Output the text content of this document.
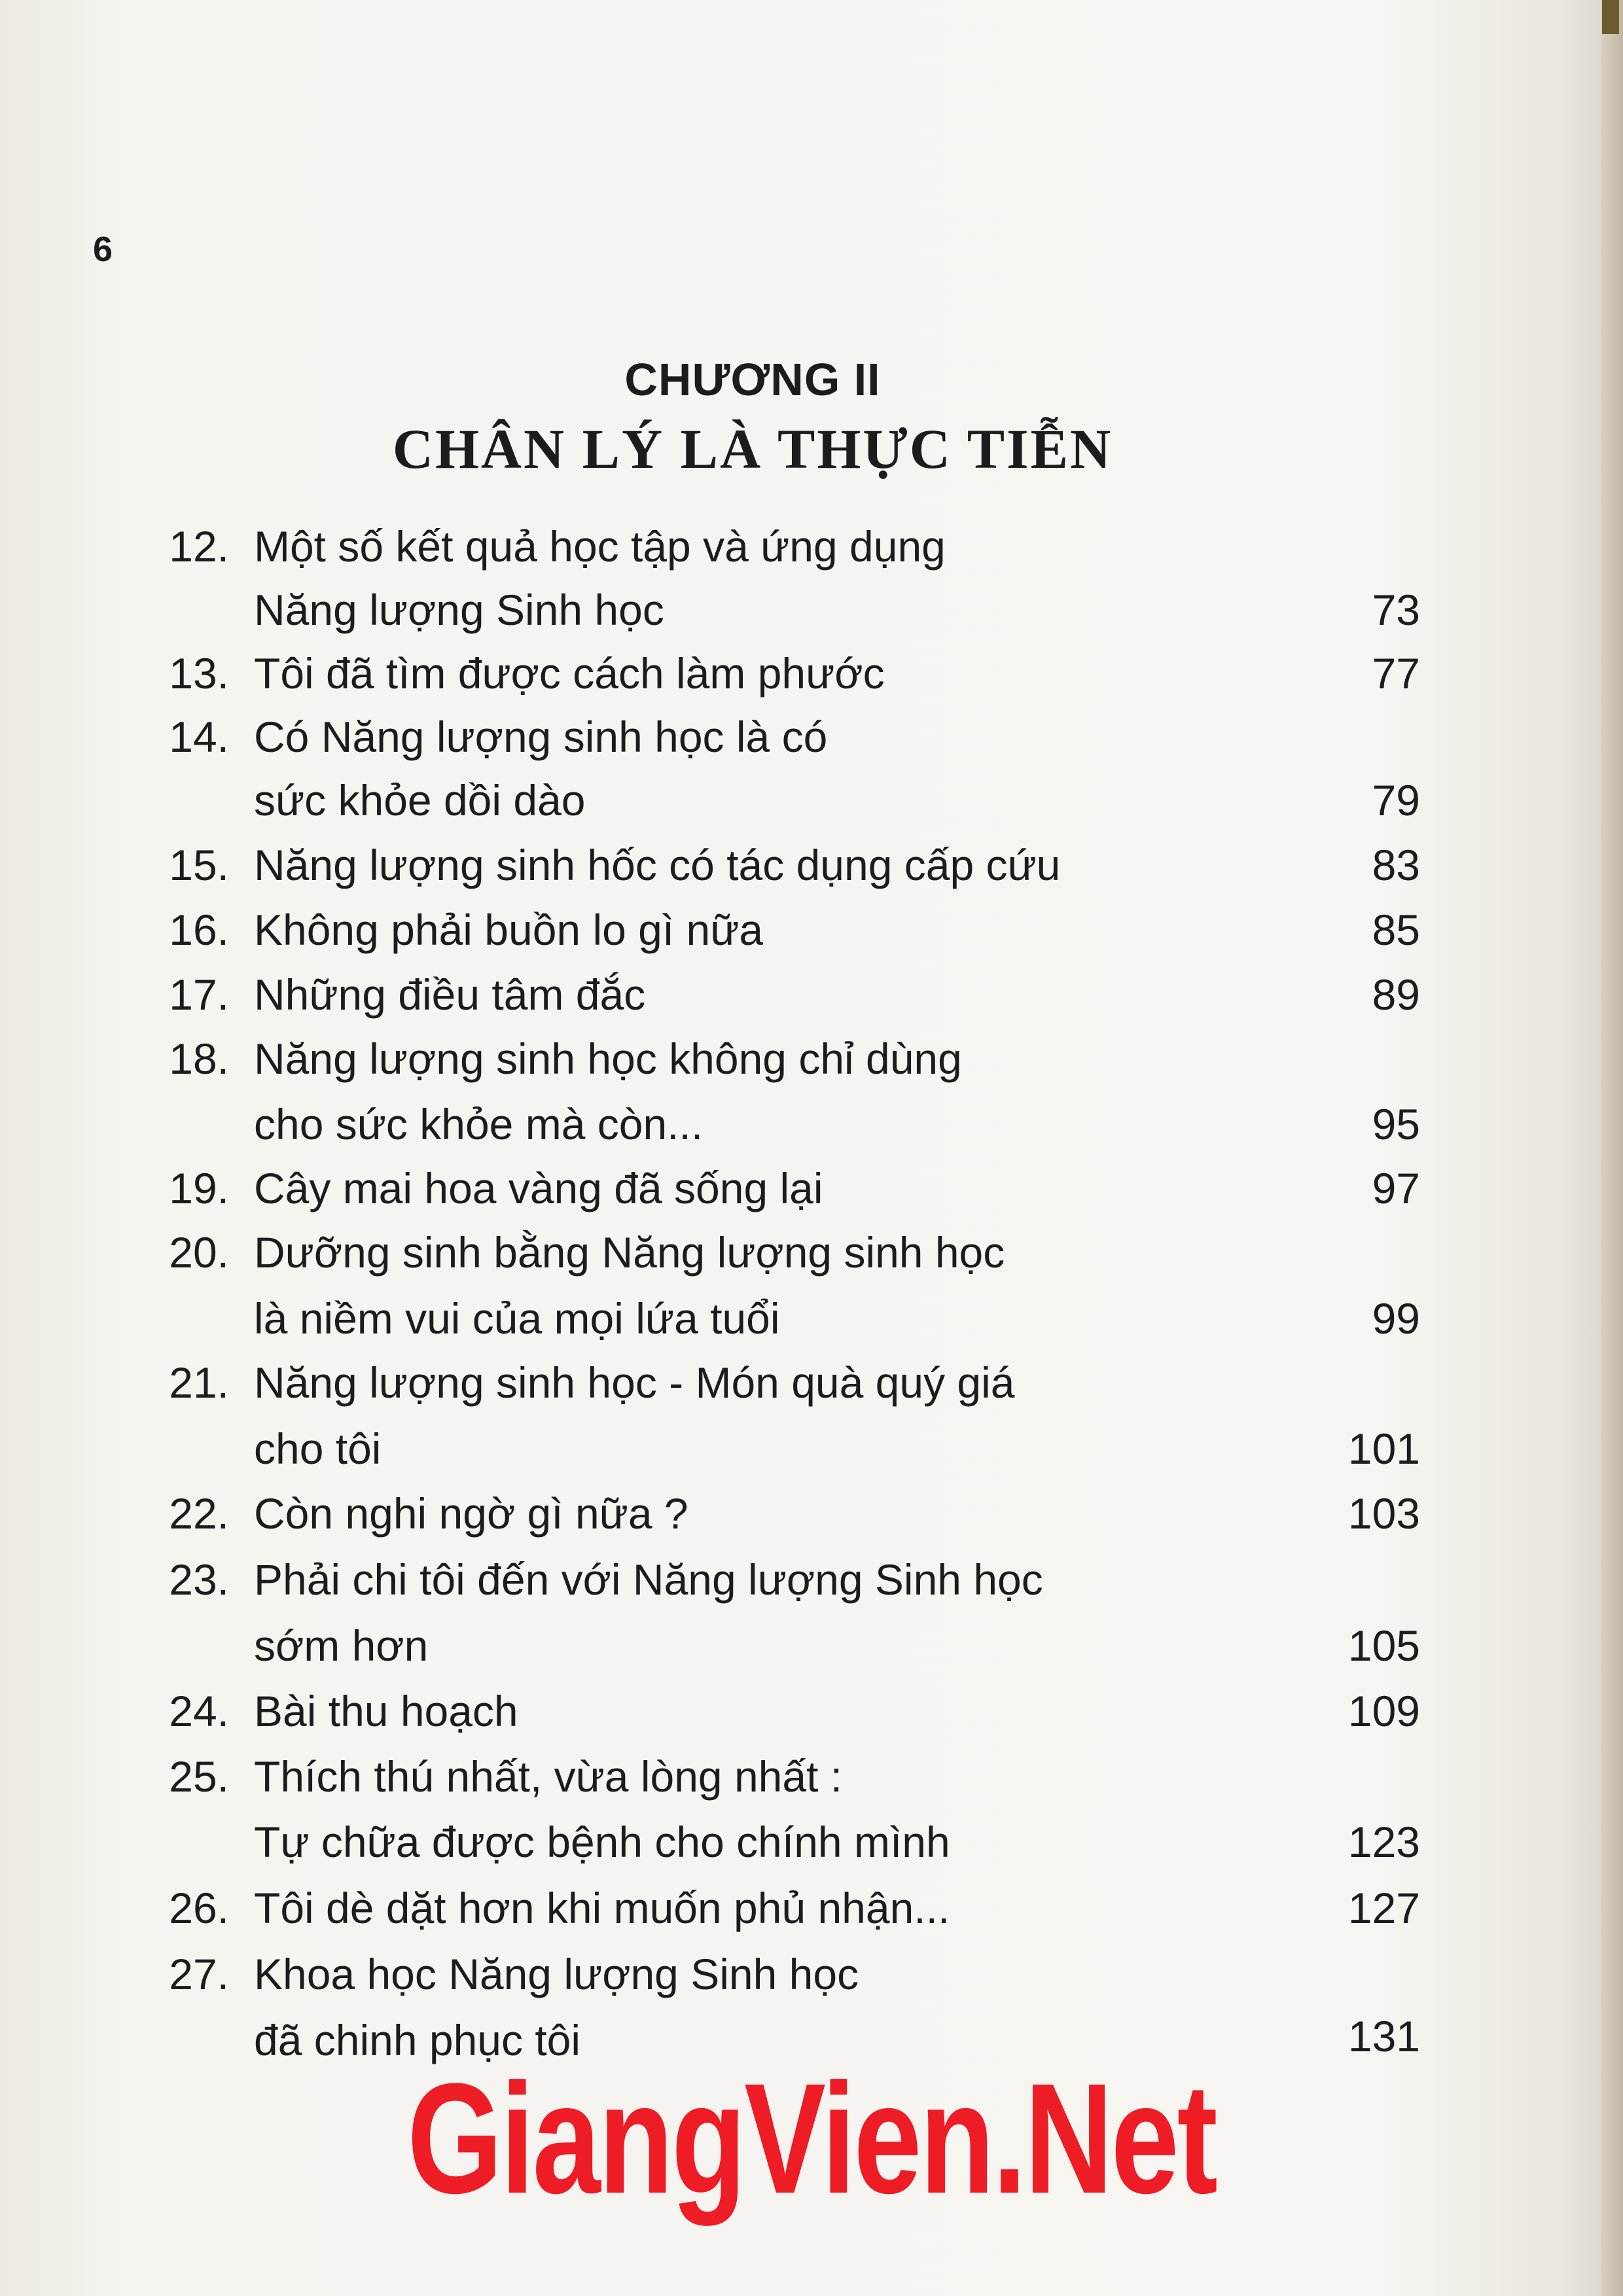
6
CHƯƠNG II
CHÂN LÝ LÀ THỰC TIỄN
12. Một số kết quả học tập và ứng dụng
Năng lượng Sinh học	73
13. Tôi đã tìm được cách làm phước	77
14. Có Năng lượng sinh học là có
sức khỏe dồi dào	79
15. Năng lượng sinh hốc có tác dụng cấp cứu	83
16. Không phải buồn lo gì nữa	85
17. Những điều tâm đắc	89
18. Năng lượng sinh học không chỉ dùng
cho sức khỏe mà còn...	95
19. Cây mai hoa vàng đã sống lại	97
20. Dưỡng sinh bằng Năng lượng sinh học
là niềm vui của mọi lứa tuổi	99
21. Năng lượng sinh học - Món quà quý giá
cho tôi	101
22. Còn nghi ngờ gì nữa ?	103
23. Phải chi tôi đến với Năng lượng Sinh học
sớm hơn	105
24. Bài thu hoạch	109
25. Thích thú nhất, vừa lòng nhất :
Tự chữa được bệnh cho chính mình	123
26. Tôi dè dặt hơn khi muốn phủ nhận...	127
27. Khoa học Năng lượng Sinh học
đã chinh phục tôi	131
GiangVien.Net
